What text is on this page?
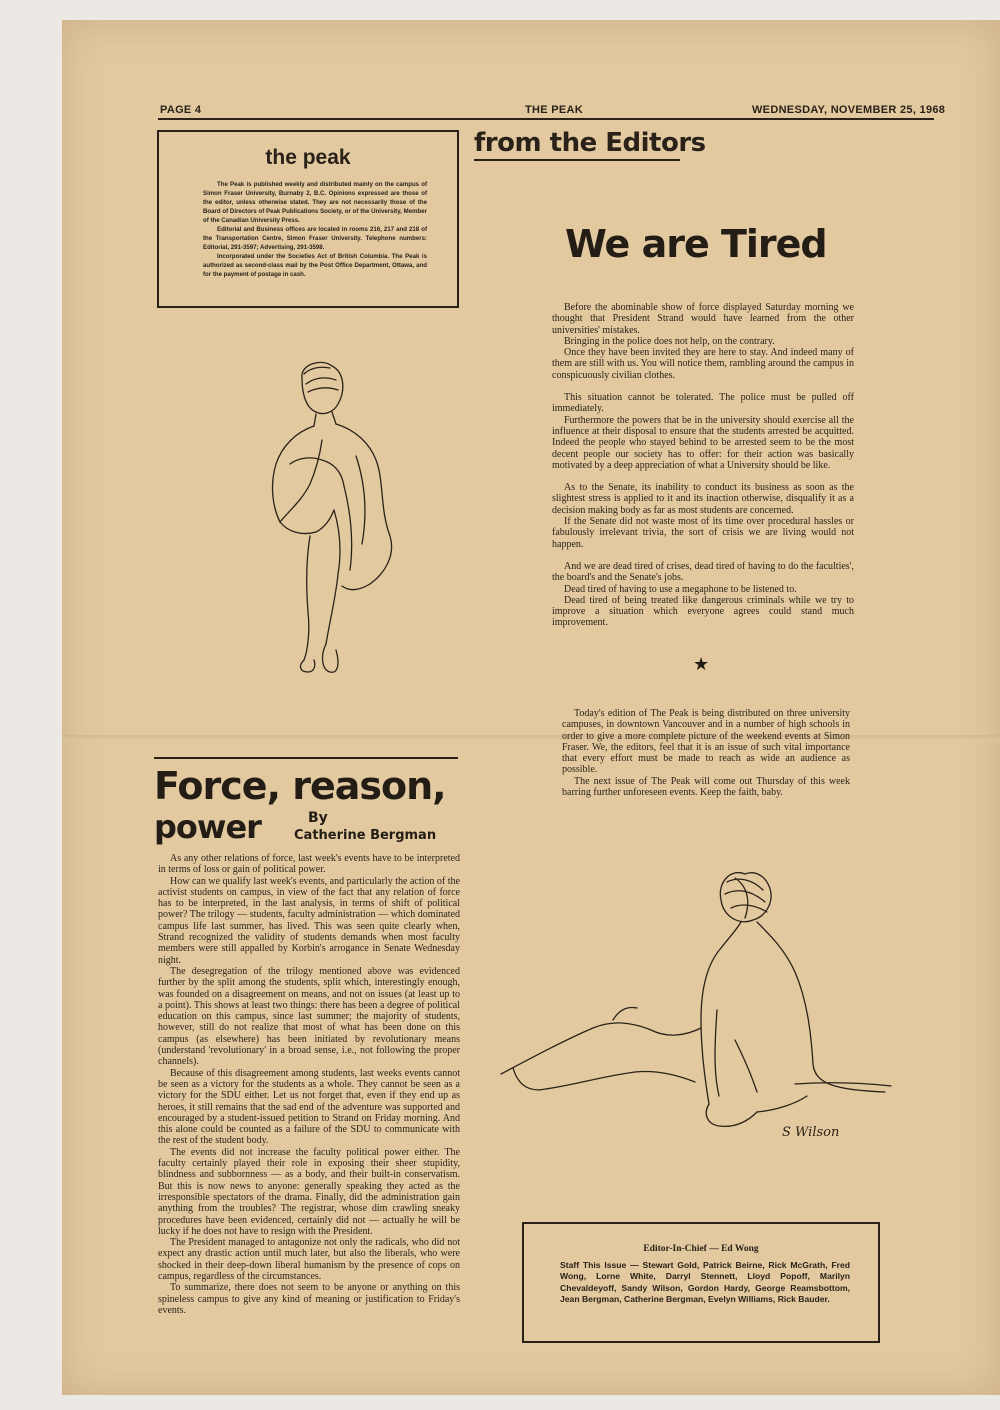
PAGE 4	THE PEAK	WEDNESDAY, NOVEMBER 25, 1968
the peak

The Peak is published weekly and distributed mainly on the campus of Simon Fraser University, Burnaby 2, B.C. Opinions expressed are those of the editor, unless otherwise stated. They are not necessarily those of the Board of Directors of Peak Publications Society, or of the University, Member of the Canadian University Press.

Editorial and Business offices are located in rooms 216, 217 and 218 of the Transportation Centre, Simon Fraser University. Telephone numbers: Editorial, 291-3597; Advertising, 291-3598.

Incorporated under the Societies Act of British Columbia. The Peak is authorized as second-class mail by the Post Office Department, Ottawa, and for the payment of postage in cash.

from the Editors
We are Tired

Before the abominable show of force displayed Saturday morning we thought that President Strand would have learned from the other universities' mistakes.

Bringing in the police does not help, on the contrary.

Once they have been invited they are here to stay. And indeed many of them are still with us. You will notice them, rambling around the campus in conspicuously civilian clothes.

This situation cannot be tolerated. The police must be pulled off immediately.

Furthermore the powers that be in the university should exercise all the influence at their disposal to ensure that the students arrested be acquitted. Indeed the people who stayed behind to be arrested seem to be the most decent people our society has to offer: for their action was basically motivated by a deep appreciation of what a University should be like.

As to the Senate, its inability to conduct its business as soon as the slightest stress is applied to it and its inaction otherwise, disqualify it as a decision making body as far as most students are concerned.

If the Senate did not waste most of its time over procedural hassles or fabulously irrelevant trivia, the sort of crisis we are living would not happen.

And we are dead tired of crises, dead tired of having to do the faculties', the board's and the Senate's jobs.

Dead tired of having to use a megaphone to be listened to.

Dead tired of being treated like dangerous criminals while we try to improve a situation which everyone agrees could stand much improvement.

★

Today's edition of The Peak is being distributed on three university campuses, in downtown Vancouver and in a number of high schools in order to give a more complete picture of the weekend events at Simon Fraser. We, the editors, feel that it is an issue of such vital importance that every effort must be made to reach as wide an audience as possible.

The next issue of The Peak will come out Thursday of this week barring further unforeseen events. Keep the faith, baby.

Force, reason,
power	By
Catherine Bergman

As any other relations of force, last week's events have to be interpreted in terms of loss or gain of political power.

How can we qualify last week's events, and particularly the action of the activist students on campus, in view of the fact that any relation of force has to be interpreted, in the last analysis, in terms of shift of political power? The trilogy — students, faculty administration — which dominated campus life last summer, has lived. This was seen quite clearly when, Strand recognized the validity of students demands when most faculty members were still appalled by Korbin's arrogance in Senate Wednesday night.

The desegregation of the trilogy mentioned above was evidenced further by the split among the students, split which, interestingly enough, was founded on a disagreement on means, and not on issues (at least up to a point). This shows at least two things: there has been a degree of political education on this campus, since last summer; the majority of students, however, still do not realize that most of what has been done on this campus (as elsewhere) has been initiated by revolutionary means (understand 'revolutionary' in a broad sense, i.e., not following the proper channels).

Because of this disagreement among students, last weeks events cannot be seen as a victory for the students as a whole. They cannot be seen as a victory for the SDU either. Let us not forget that, even if they end up as heroes, it still remains that the sad end of the adventure was supported and encouraged by a student-issued petition to Strand on Friday morning. And this alone could be counted as a failure of the SDU to communicate with the rest of the student body.

The events did not increase the faculty political power either. The faculty certainly played their role in exposing their sheer stupidity, blindness and subbornness — as a body, and their built-in conservatism. But this is now news to anyone: generally speaking they acted as the irresponsible spectators of the drama. Finally, did the administration gain anything from the troubles? The registrar, whose dim crawling sneaky procedures have been evidenced, certainly did not — actually he will be lucky if he does not have to resign with the President.

The President managed to antagonize not only the radicals, who did not expect any drastic action until much later, but also the liberals, who were shocked in their deep-down liberal humanism by the presence of cops on campus, regardless of the circumstances.

To summarize, there does not seem to be anyone or anything on this spineless campus to give any kind of meaning or justification to Friday's events.

S Wilson
Editor-In-Chief — Ed Wong
Staff This Issue — Stewart Gold, Patrick Beirne, Rick McGrath, Fred Wong, Lorne White, Darryl Stennett, Lloyd Popoff, Marilyn Chevaldeyoff, Sandy Wilson, Gordon Hardy, George Reamsbottom, Jean Bergman, Catherine Bergman, Evelyn Williams, Rick Bauder.
